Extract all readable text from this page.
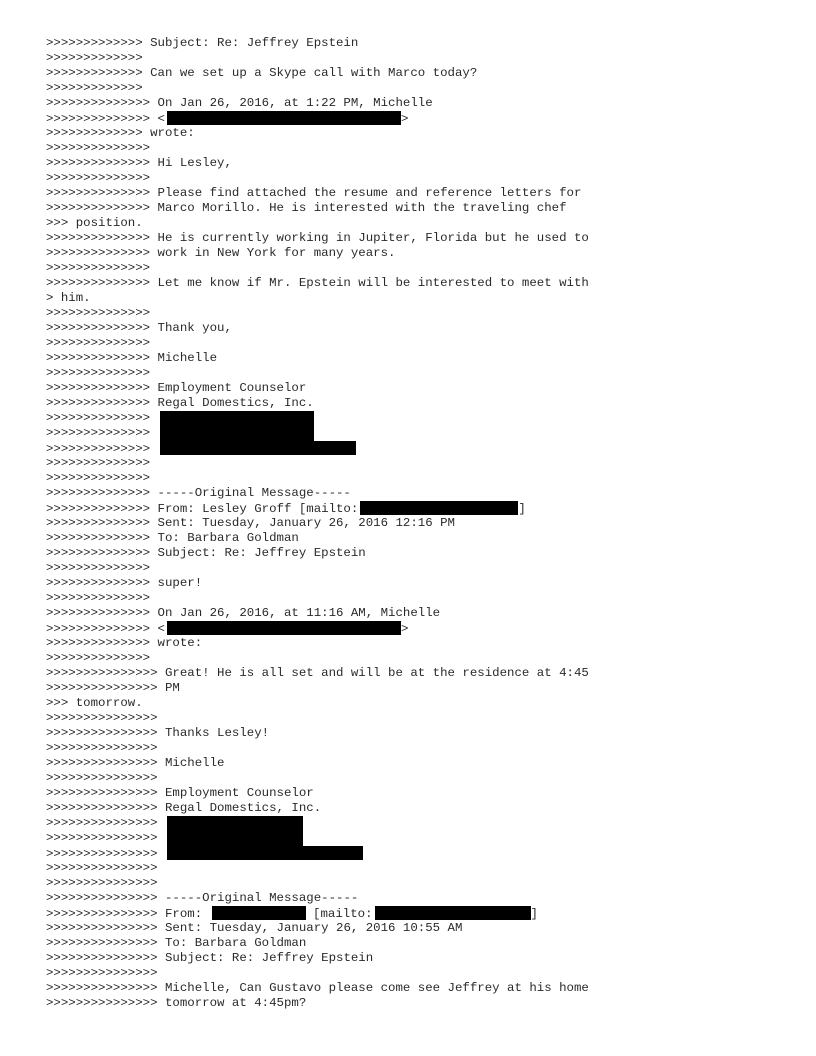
>>>>>>>>>>>>> Subject: Re: Jeffrey Epstein
>>>>>>>>>>>>>
>>>>>>>>>>>>> Can we set up a Skype call with Marco today?
>>>>>>>>>>>>>
>>>>>>>>>>>>>> On Jan 26, 2016, at 1:22 PM, Michelle
>>>>>>>>>>>>>> <	>
>>>>>>>>>>>>> wrote:
>>>>>>>>>>>>>>
>>>>>>>>>>>>>> Hi Lesley,
>>>>>>>>>>>>>>
>>>>>>>>>>>>>> Please find attached the resume and reference letters for
>>>>>>>>>>>>>> Marco Morillo. He is interested with the traveling chef
>>> position.
>>>>>>>>>>>>>> He is currently working in Jupiter, Florida but he used to
>>>>>>>>>>>>>> work in New York for many years.
>>>>>>>>>>>>>>
>>>>>>>>>>>>>> Let me know if Mr. Epstein will be interested to meet with
> him.
>>>>>>>>>>>>>>
>>>>>>>>>>>>>> Thank you,
>>>>>>>>>>>>>>
>>>>>>>>>>>>>> Michelle
>>>>>>>>>>>>>>
>>>>>>>>>>>>>> Employment Counselor
>>>>>>>>>>>>>> Regal Domestics, Inc.
>>>>>>>>>>>>>>
>>>>>>>>>>>>>>
>>>>>>>>>>>>>>
>>>>>>>>>>>>>>
>>>>>>>>>>>>>>
>>>>>>>>>>>>>> -----Original Message-----
>>>>>>>>>>>>>> From: Lesley Groff [mailto:	]
>>>>>>>>>>>>>> Sent: Tuesday, January 26, 2016 12:16 PM
>>>>>>>>>>>>>> To: Barbara Goldman
>>>>>>>>>>>>>> Subject: Re: Jeffrey Epstein
>>>>>>>>>>>>>>
>>>>>>>>>>>>>> super!
>>>>>>>>>>>>>>
>>>>>>>>>>>>>> On Jan 26, 2016, at 11:16 AM, Michelle
>>>>>>>>>>>>>> <	>
>>>>>>>>>>>>>> wrote:
>>>>>>>>>>>>>>
>>>>>>>>>>>>>>> Great! He is all set and will be at the residence at 4:45
>>>>>>>>>>>>>>> PM
>>> tomorrow.
>>>>>>>>>>>>>>>
>>>>>>>>>>>>>>> Thanks Lesley!
>>>>>>>>>>>>>>>
>>>>>>>>>>>>>>> Michelle
>>>>>>>>>>>>>>>
>>>>>>>>>>>>>>> Employment Counselor
>>>>>>>>>>>>>>> Regal Domestics, Inc.
>>>>>>>>>>>>>>>
>>>>>>>>>>>>>>>
>>>>>>>>>>>>>>>
>>>>>>>>>>>>>>>
>>>>>>>>>>>>>>>
>>>>>>>>>>>>>>> -----Original Message-----
>>>>>>>>>>>>>>> From:	[mailto:	]
>>>>>>>>>>>>>>> Sent: Tuesday, January 26, 2016 10:55 AM
>>>>>>>>>>>>>>> To: Barbara Goldman
>>>>>>>>>>>>>>> Subject: Re: Jeffrey Epstein
>>>>>>>>>>>>>>>
>>>>>>>>>>>>>>> Michelle, Can Gustavo please come see Jeffrey at his home
>>>>>>>>>>>>>>> tomorrow at 4:45pm?
